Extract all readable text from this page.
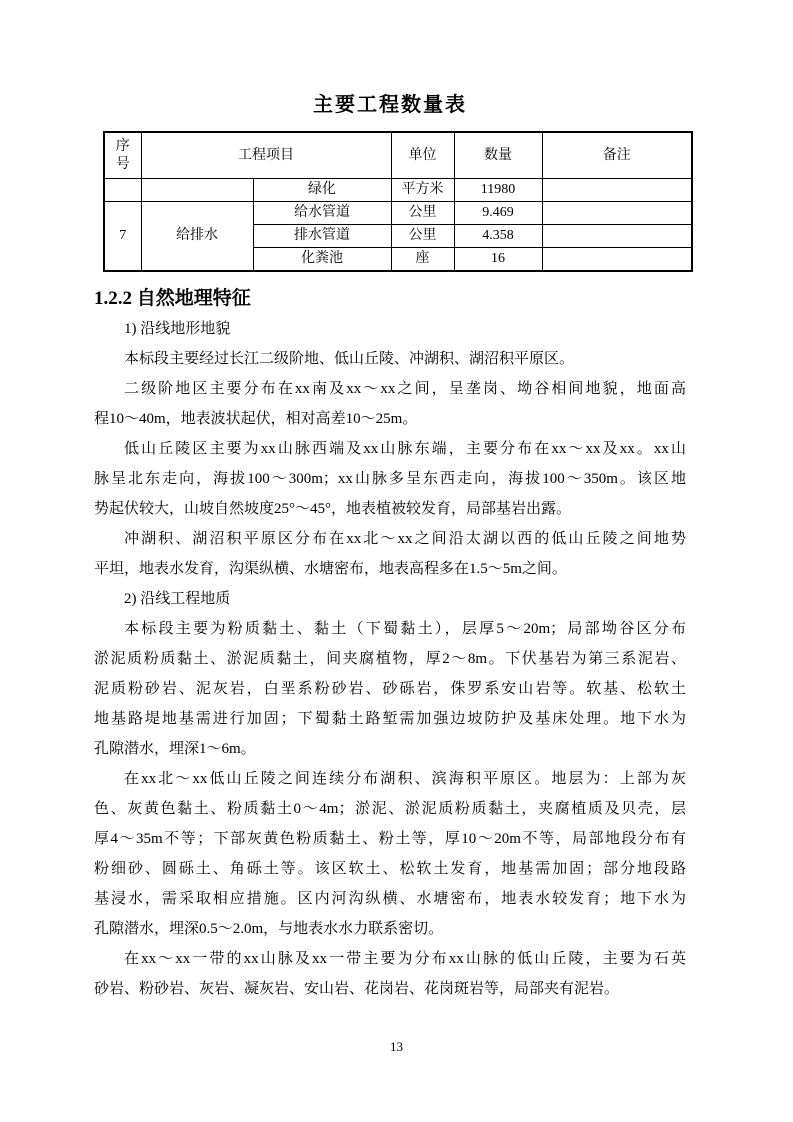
主要工程数量表
序号	工程项目		单位	数量	备注
		绿化	平方米	11980	
7	给排水	给水管道	公里	9.469	
		排水管道	公里	4.358	
		化粪池	座	16	
1.2.2 自然地理特征
1) 沿线地形地貌
本标段主要经过长江二级阶地、低山丘陵、冲湖积、湖沼积平原区。
二级阶地区主要分布在xx南及xx～xx之间，呈垄岗、坳谷相间地貌，地面高
程10～40m，地表波状起伏，相对高差10～25m。
低山丘陵区主要为xx山脉西端及xx山脉东端，主要分布在xx～xx及xx。xx山
脉呈北东走向，海拔100～300m；xx山脉多呈东西走向，海拔100～350m。该区地
势起伏较大，山坡自然坡度25°～45°，地表植被较发育，局部基岩出露。
冲湖积、湖沼积平原区分布在xx北～xx之间沿太湖以西的低山丘陵之间地势
平坦，地表水发育，沟渠纵横、水塘密布，地表高程多在1.5～5m之间。
2) 沿线工程地质
本标段主要为粉质黏土、黏土（下蜀黏土），层厚5～20m；局部坳谷区分布
淤泥质粉质黏土、淤泥质黏土，间夹腐植物，厚2～8m。下伏基岩为第三系泥岩、
泥质粉砂岩、泥灰岩，白垩系粉砂岩、砂砾岩，侏罗系安山岩等。软基、松软土
地基路堤地基需进行加固；下蜀黏土路堑需加强边坡防护及基床处理。地下水为
孔隙潜水，埋深1～6m。
在xx北～xx低山丘陵之间连续分布湖积、滨海积平原区。地层为：上部为灰
色、灰黄色黏土、粉质黏土0～4m；淤泥、淤泥质粉质黏土，夹腐植质及贝壳，层
厚4～35m不等；下部灰黄色粉质黏土、粉土等，厚10～20m不等，局部地段分布有
粉细砂、圆砾土、角砾土等。该区软土、松软土发育，地基需加固；部分地段路
基浸水，需采取相应措施。区内河沟纵横、水塘密布，地表水较发育；地下水为
孔隙潜水，埋深0.5～2.0m，与地表水水力联系密切。
在xx～xx一带的xx山脉及xx一带主要为分布xx山脉的低山丘陵，主要为石英
砂岩、粉砂岩、灰岩、凝灰岩、安山岩、花岗岩、花岗斑岩等，局部夹有泥岩。
13
